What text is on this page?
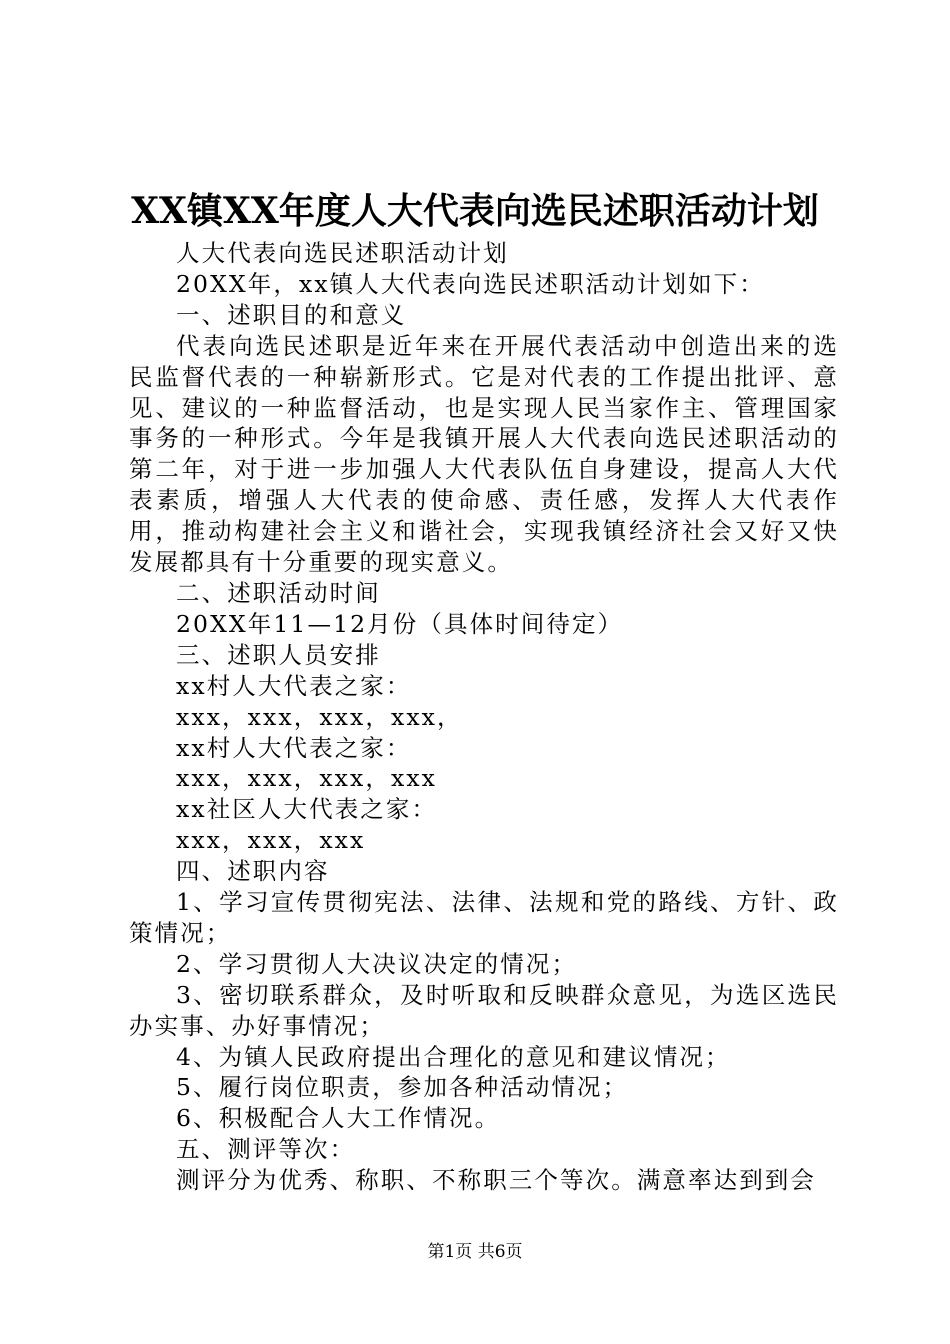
XX镇XX年度人大代表向选民述职活动计划

人大代表向选民述职活动计划

20XX年，xx镇人大代表向选民述职活动计划如下：

一、述职目的和意义

代表向选民述职是近年来在开展代表活动中创造出来的选民监督代表的一种崭新形式。它是对代表的工作提出批评、意见、建议的一种监督活动，也是实现人民当家作主、管理国家事务的一种形式。今年是我镇开展人大代表向选民述职活动的第二年，对于进一步加强人大代表队伍自身建设，提高人大代表素质，增强人大代表的使命感、责任感，发挥人大代表作用，推动构建社会主义和谐社会，实现我镇经济社会又好又快发展都具有十分重要的现实意义。

二、述职活动时间

20XX年11—12月份（具体时间待定）

三、述职人员安排

xx村人大代表之家：

xxx，xxx，xxx，xxx，

xx村人大代表之家：

xxx，xxx，xxx，xxx

xx社区人大代表之家：

xxx，xxx，xxx

四、述职内容

1、学习宣传贯彻宪法、法律、法规和党的路线、方针、政策情况；

2、学习贯彻人大决议决定的情况；

3、密切联系群众，及时听取和反映群众意见，为选区选民办实事、办好事情况；

4、为镇人民政府提出合理化的意见和建议情况；

5、履行岗位职责，参加各种活动情况；

6、积极配合人大工作情况。

五、测评等次：

测评分为优秀、称职、不称职三个等次。满意率达到到会

第1页 共6页
